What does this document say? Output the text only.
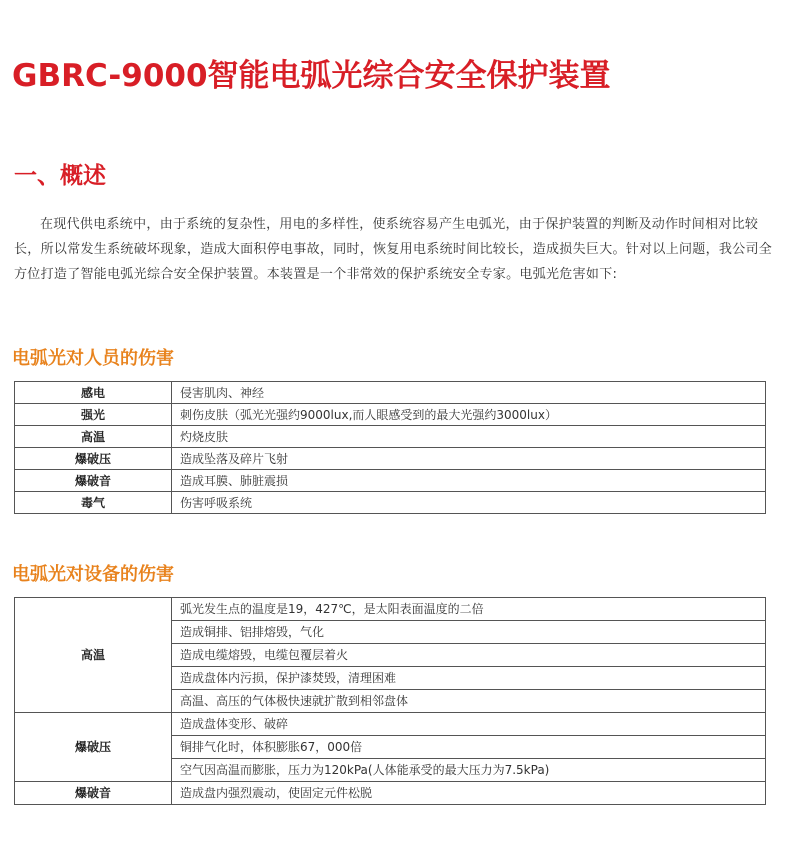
GBRC-9000智能电弧光综合安全保护装置
一、概述

在现代供电系统中，由于系统的复杂性，用电的多样性，使系统容易产生电弧光，由于保护装置的判断及动作时间相对比较长，所以常发生系统破坏现象，造成大面积停电事故，同时，恢复用电系统时间比较长，造成损失巨大。针对以上问题，我公司全方位打造了智能电弧光综合安全保护装置。本装置是一个非常效的保护系统安全专家。电弧光危害如下:

电弧光对人员的伤害
感电	侵害肌肉、神经
强光	刺伤皮肤（弧光光强约9000lux,而人眼感受到的最大光强约3000lux）
高温	灼烧皮肤
爆破压	造成坠落及碎片飞射
爆破音	造成耳膜、肺脏震损
毒气	伤害呼吸系统
电弧光对设备的伤害
高温	弧光发生点的温度是19，427℃，是太阳表面温度的二倍
	造成铜排、铝排熔毁，气化
	造成电缆熔毁，电缆包覆层着火
	造成盘体内污损，保护漆焚毁，清理困难
	高温、高压的气体极快速就扩散到相邻盘体
爆破压	造成盘体变形、破碎
	铜排气化时，体积膨胀67，000倍
	空气因高温而膨胀，压力为120kPa(人体能承受的最大压力为7.5kPa)
爆破音	造成盘内强烈震动，使固定元件松脱
